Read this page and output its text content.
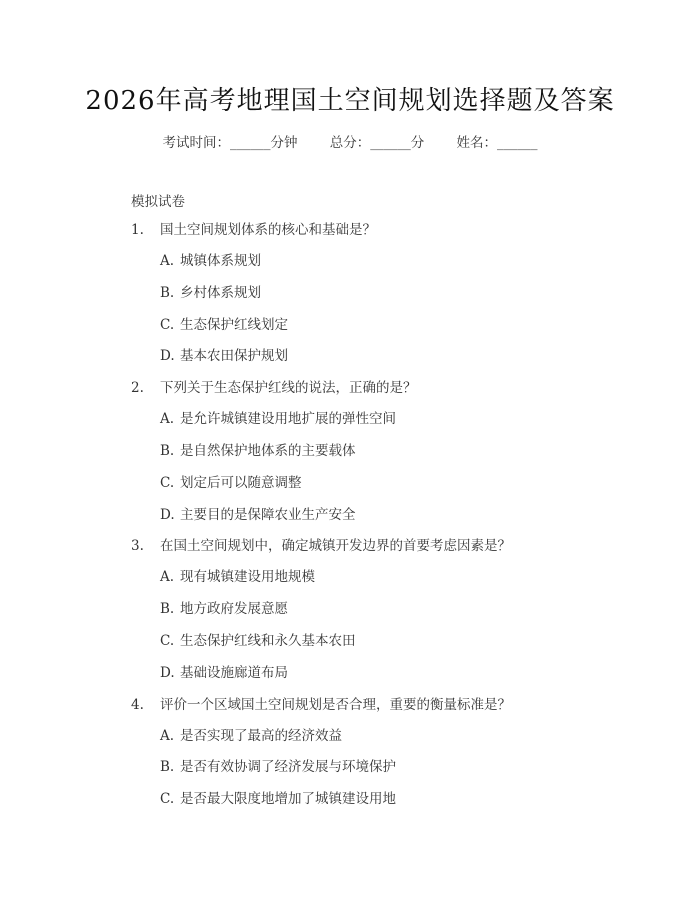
2026年高考地理国土空间规划选择题及答案
考试时间：______分钟 总分：______分 姓名：______
模拟试卷
1.	国土空间规划体系的核心和基础是？
A. 城镇体系规划
B. 乡村体系规划
C. 生态保护红线划定
D. 基本农田保护规划
2.	下列关于生态保护红线的说法，正确的是？
A. 是允许城镇建设用地扩展的弹性空间
B. 是自然保护地体系的主要载体
C. 划定后可以随意调整
D. 主要目的是保障农业生产安全
3.	在国土空间规划中，确定城镇开发边界的首要考虑因素是？
A. 现有城镇建设用地规模
B. 地方政府发展意愿
C. 生态保护红线和永久基本农田
D. 基础设施廊道布局
4.	评价一个区域国土空间规划是否合理，重要的衡量标准是？
A. 是否实现了最高的经济效益
B. 是否有效协调了经济发展与环境保护
C. 是否最大限度地增加了城镇建设用地
